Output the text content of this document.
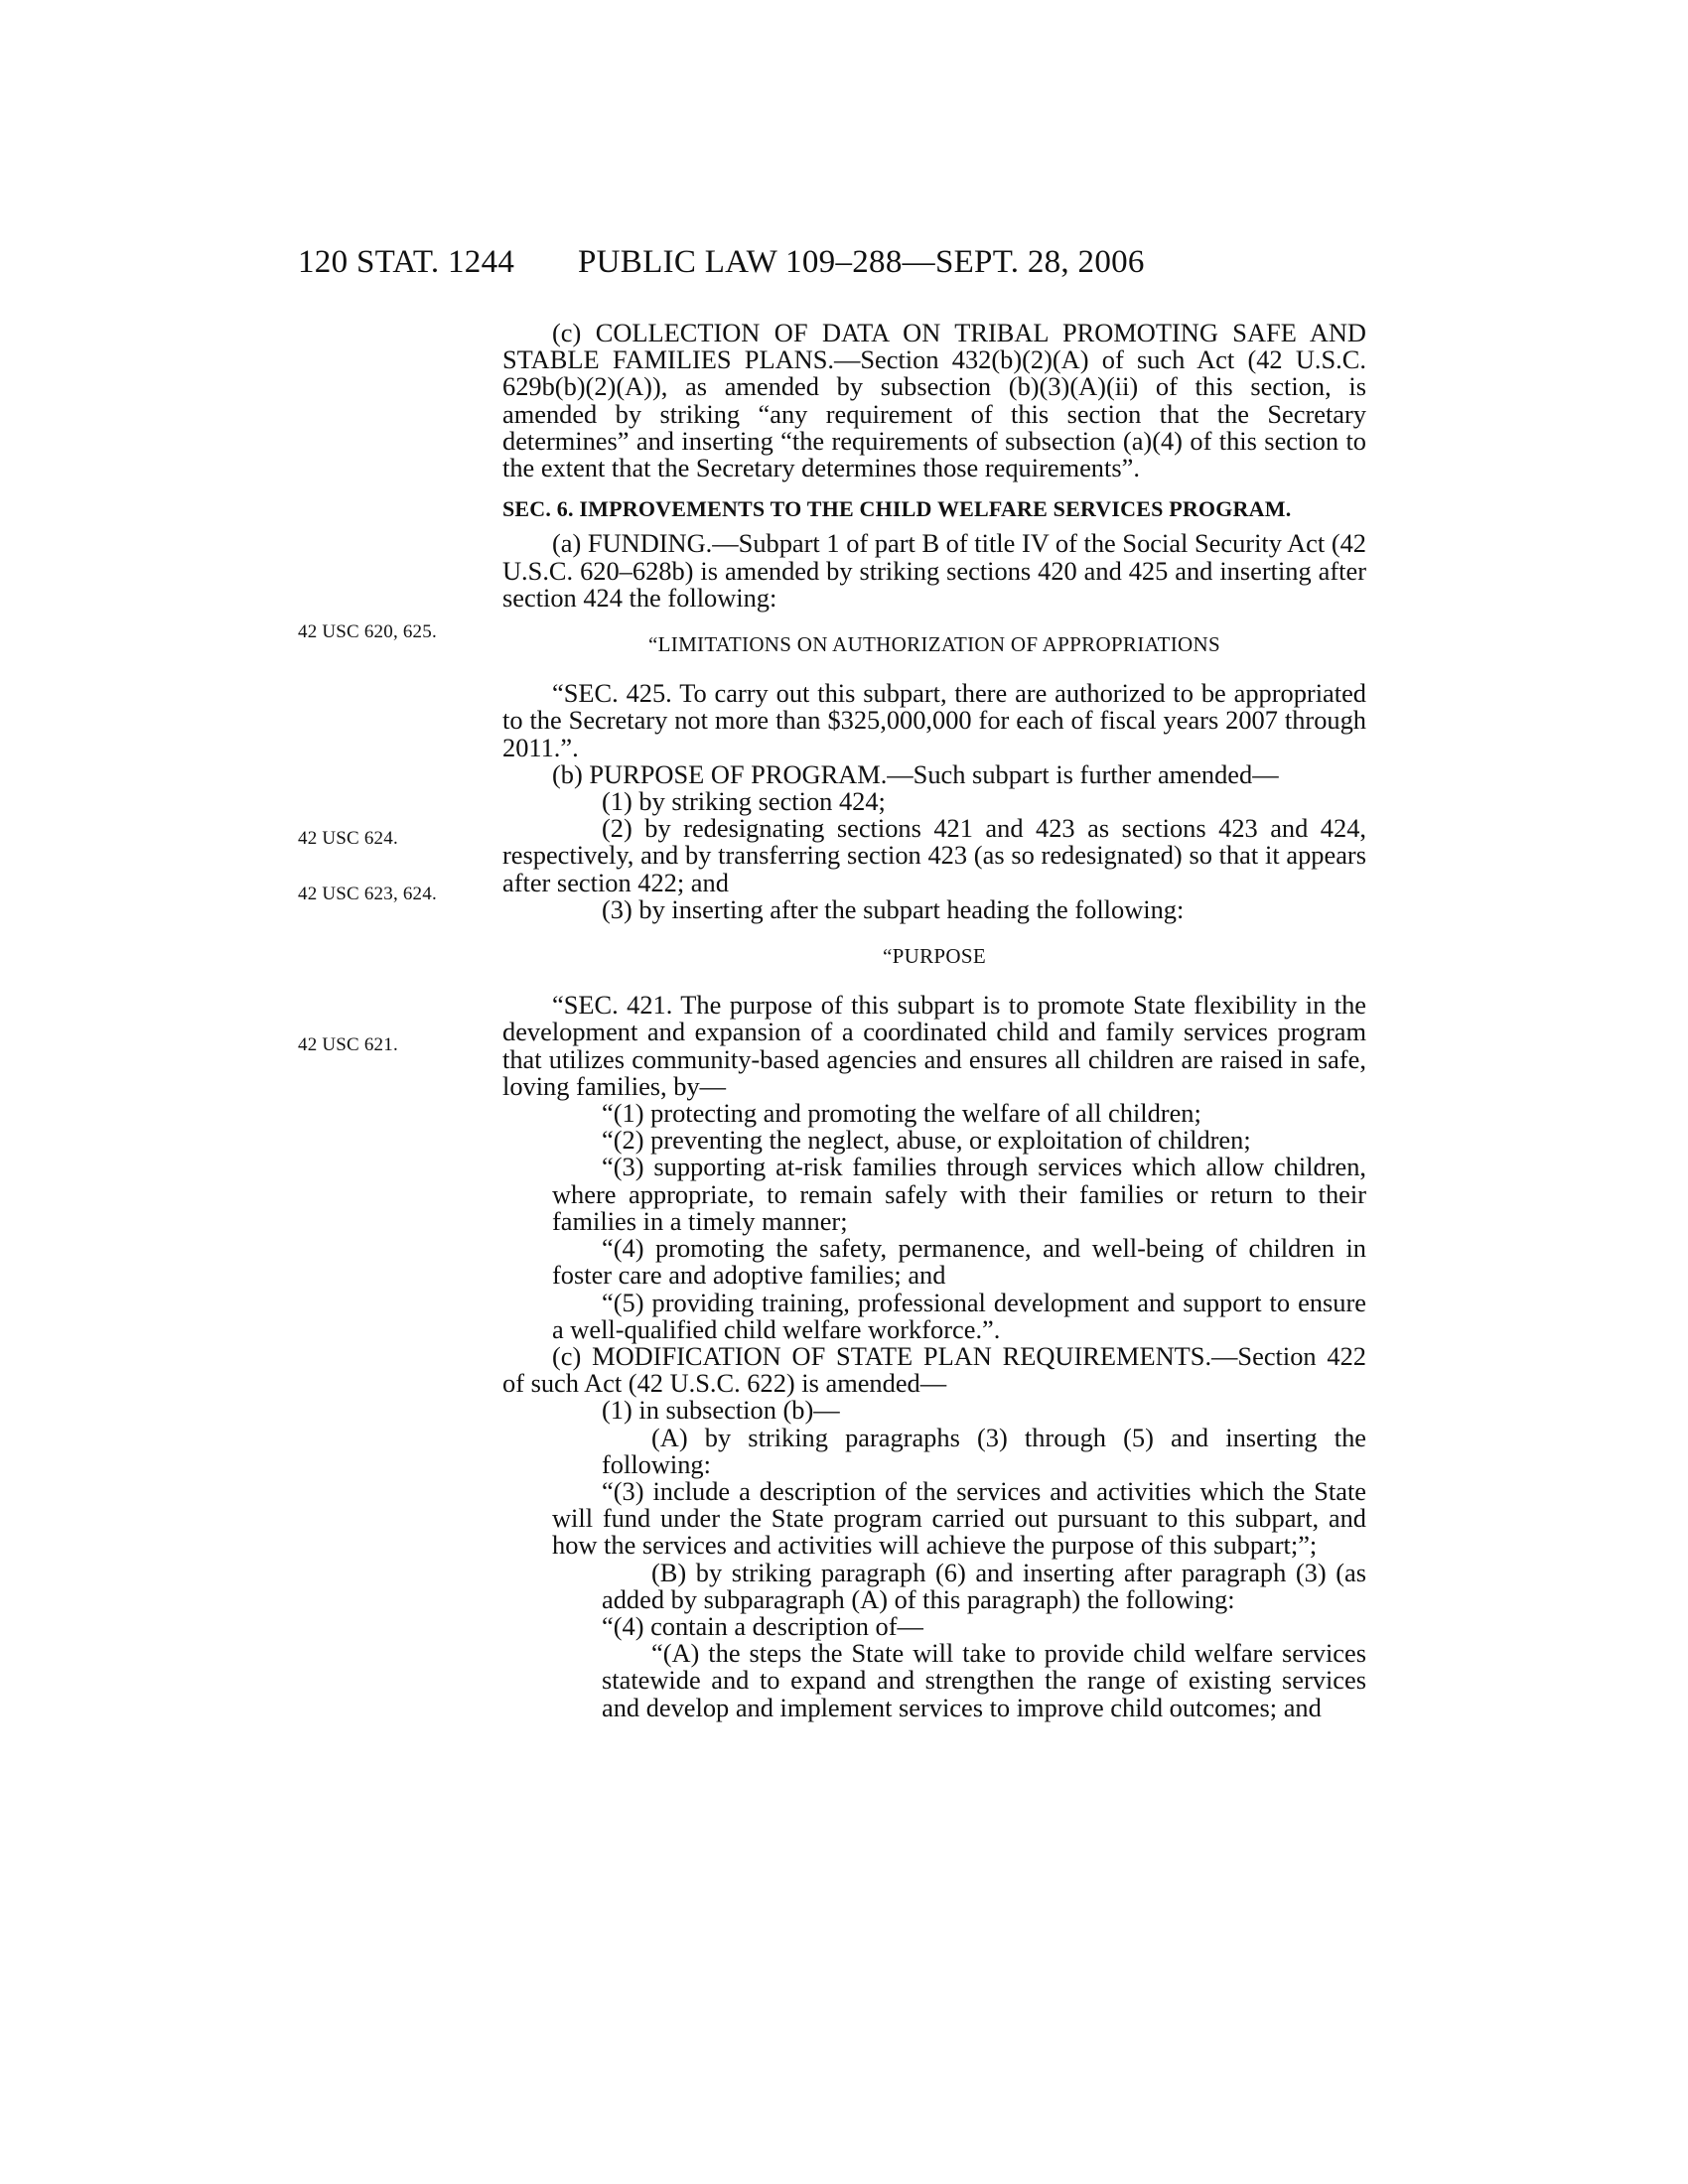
120 STAT. 1244 PUBLIC LAW 109–288—SEPT. 28, 2006
42 USC 620, 625.
42 USC 624.
42 USC 623, 624.
42 USC 621.

(c) COLLECTION OF DATA ON TRIBAL PROMOTING SAFE AND STABLE FAMILIES PLANS.—Section 432(b)(2)(A) of such Act (42 U.S.C. 629b(b)(2)(A)), as amended by subsection (b)(3)(A)(ii) of this section, is amended by striking “any requirement of this section that the Secretary determines” and inserting “the requirements of subsection (a)(4) of this section to the extent that the Secretary determines those requirements”.

SEC. 6. IMPROVEMENTS TO THE CHILD WELFARE SERVICES PROGRAM.

(a) FUNDING.—Subpart 1 of part B of title IV of the Social Security Act (42 U.S.C. 620–628b) is amended by striking sections 420 and 425 and inserting after section 424 the following:

“LIMITATIONS ON AUTHORIZATION OF APPROPRIATIONS

“SEC. 425. To carry out this subpart, there are authorized to be appropriated to the Secretary not more than $325,000,000 for each of fiscal years 2007 through 2011.”.

(b) PURPOSE OF PROGRAM.—Such subpart is further amended—

(1) by striking section 424;

(2) by redesignating sections 421 and 423 as sections 423 and 424, respectively, and by transferring section 423 (as so redesignated) so that it appears after section 422; and

(3) by inserting after the subpart heading the following:

“PURPOSE

“SEC. 421. The purpose of this subpart is to promote State flexibility in the development and expansion of a coordinated child and family services program that utilizes community-based agencies and ensures all children are raised in safe, loving families, by—

“(1) protecting and promoting the welfare of all children;

“(2) preventing the neglect, abuse, or exploitation of children;

“(3) supporting at-risk families through services which allow children, where appropriate, to remain safely with their families or return to their families in a timely manner;

“(4) promoting the safety, permanence, and well-being of children in foster care and adoptive families; and

“(5) providing training, professional development and support to ensure a well-qualified child welfare workforce.”.

(c) MODIFICATION OF STATE PLAN REQUIREMENTS.—Section 422 of such Act (42 U.S.C. 622) is amended—

(1) in subsection (b)—

(A) by striking paragraphs (3) through (5) and inserting the following:

“(3) include a description of the services and activities which the State will fund under the State program carried out pursuant to this subpart, and how the services and activities will achieve the purpose of this subpart;”;

(B) by striking paragraph (6) and inserting after paragraph (3) (as added by subparagraph (A) of this paragraph) the following:

“(4) contain a description of—

“(A) the steps the State will take to provide child welfare services statewide and to expand and strengthen the range of existing services and develop and implement services to improve child outcomes; and
